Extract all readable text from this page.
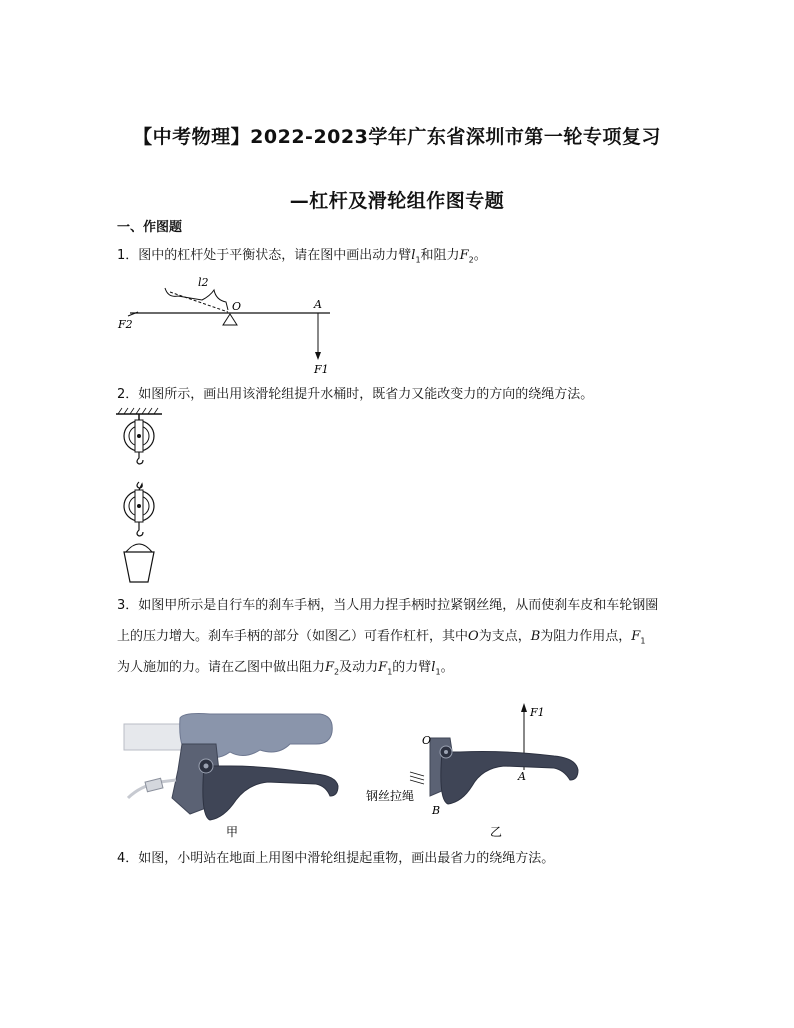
【中考物理】2022-2023学年广东省深圳市第一轮专项复习
—杠杆及滑轮组作图专题
一、作图题
1．图中的杠杆处于平衡状态，请在图中画出动力臂$l_1$和阻力$F_2$。
l2
O	A
F2
F1
2．如图所示，画出用该滑轮组提升水桶时，既省力又能改变力的方向的绕绳方法。
3．如图甲所示是自行车的刹车手柄，当人用力捏手柄时拉紧钢丝绳，从而使刹车皮和车轮钢圈
上的压力增大。刹车手柄的部分（如图乙）可看作杠杆，其中O为支点，B为阻力作用点，$F_1$
为人施加的力。请在乙图中做出阻力$F_2$及动力$F_1$的力臂$l_1$。
甲
F1
O
A
钢丝拉绳
B
乙
4．如图，小明站在地面上用图中滑轮组提起重物，画出最省力的绕绳方法。
